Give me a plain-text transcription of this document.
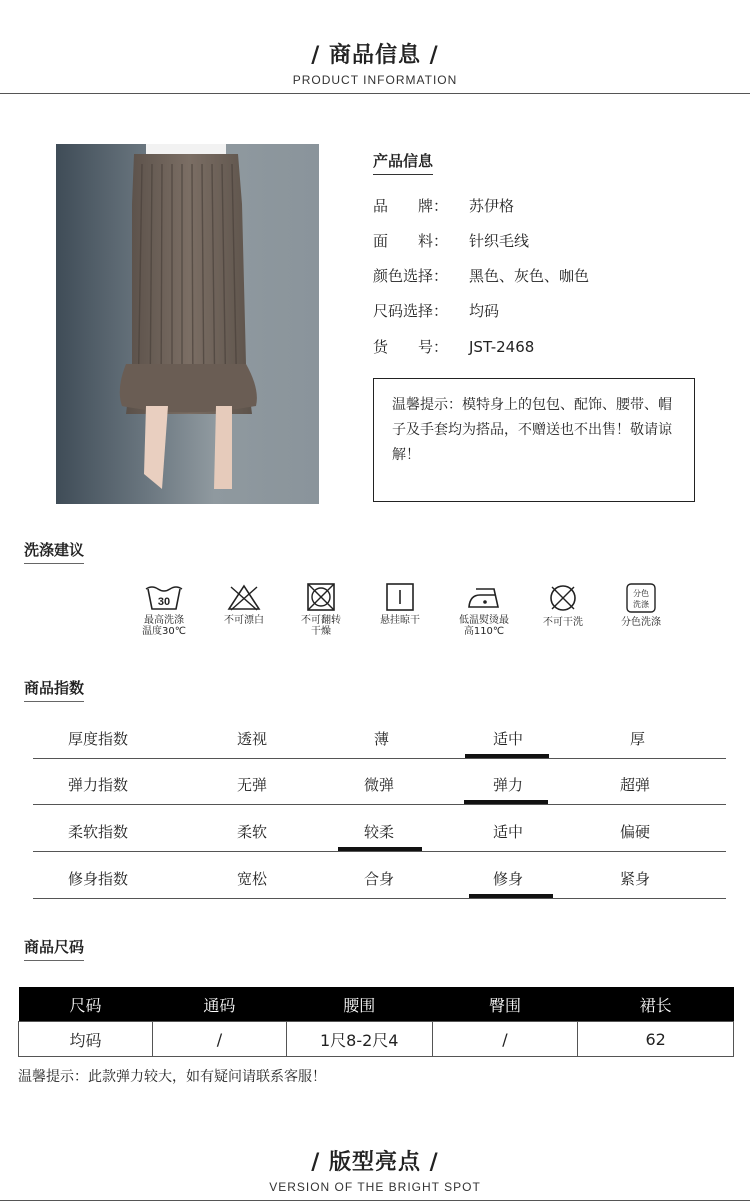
/ 商品信息 /
PRODUCT INFORMATION
产品信息
品　　牌： 苏伊格
面　　料： 针织毛线
颜色选择： 黑色、灰色、咖色
尺码选择： 均码
货　　号： JST-2468
温馨提示：模特身上的包包、配饰、腰带、帽子及手套均为搭品，不赠送也不出售！敬请谅解！
洗涤建议
30
最高洗涤
温度30℃
不可漂白	不可翻转
干燥
悬挂晾干	低温熨烫最
高110℃
不可干洗
分色
洗涤
分色洗涤
商品指数
厚度指数	透视	薄	适中	厚
弹力指数	无弹	微弹	弹力	超弹
柔软指数	柔软	较柔	适中	偏硬
修身指数	宽松	合身	修身	紧身
商品尺码
尺码	通码	腰围	臀围	裙长
均码	/	1尺8-2尺4	/	62
温馨提示：此款弹力较大，如有疑问请联系客服！
/ 版型亮点 /
VERSION OF THE BRIGHT SPOT
